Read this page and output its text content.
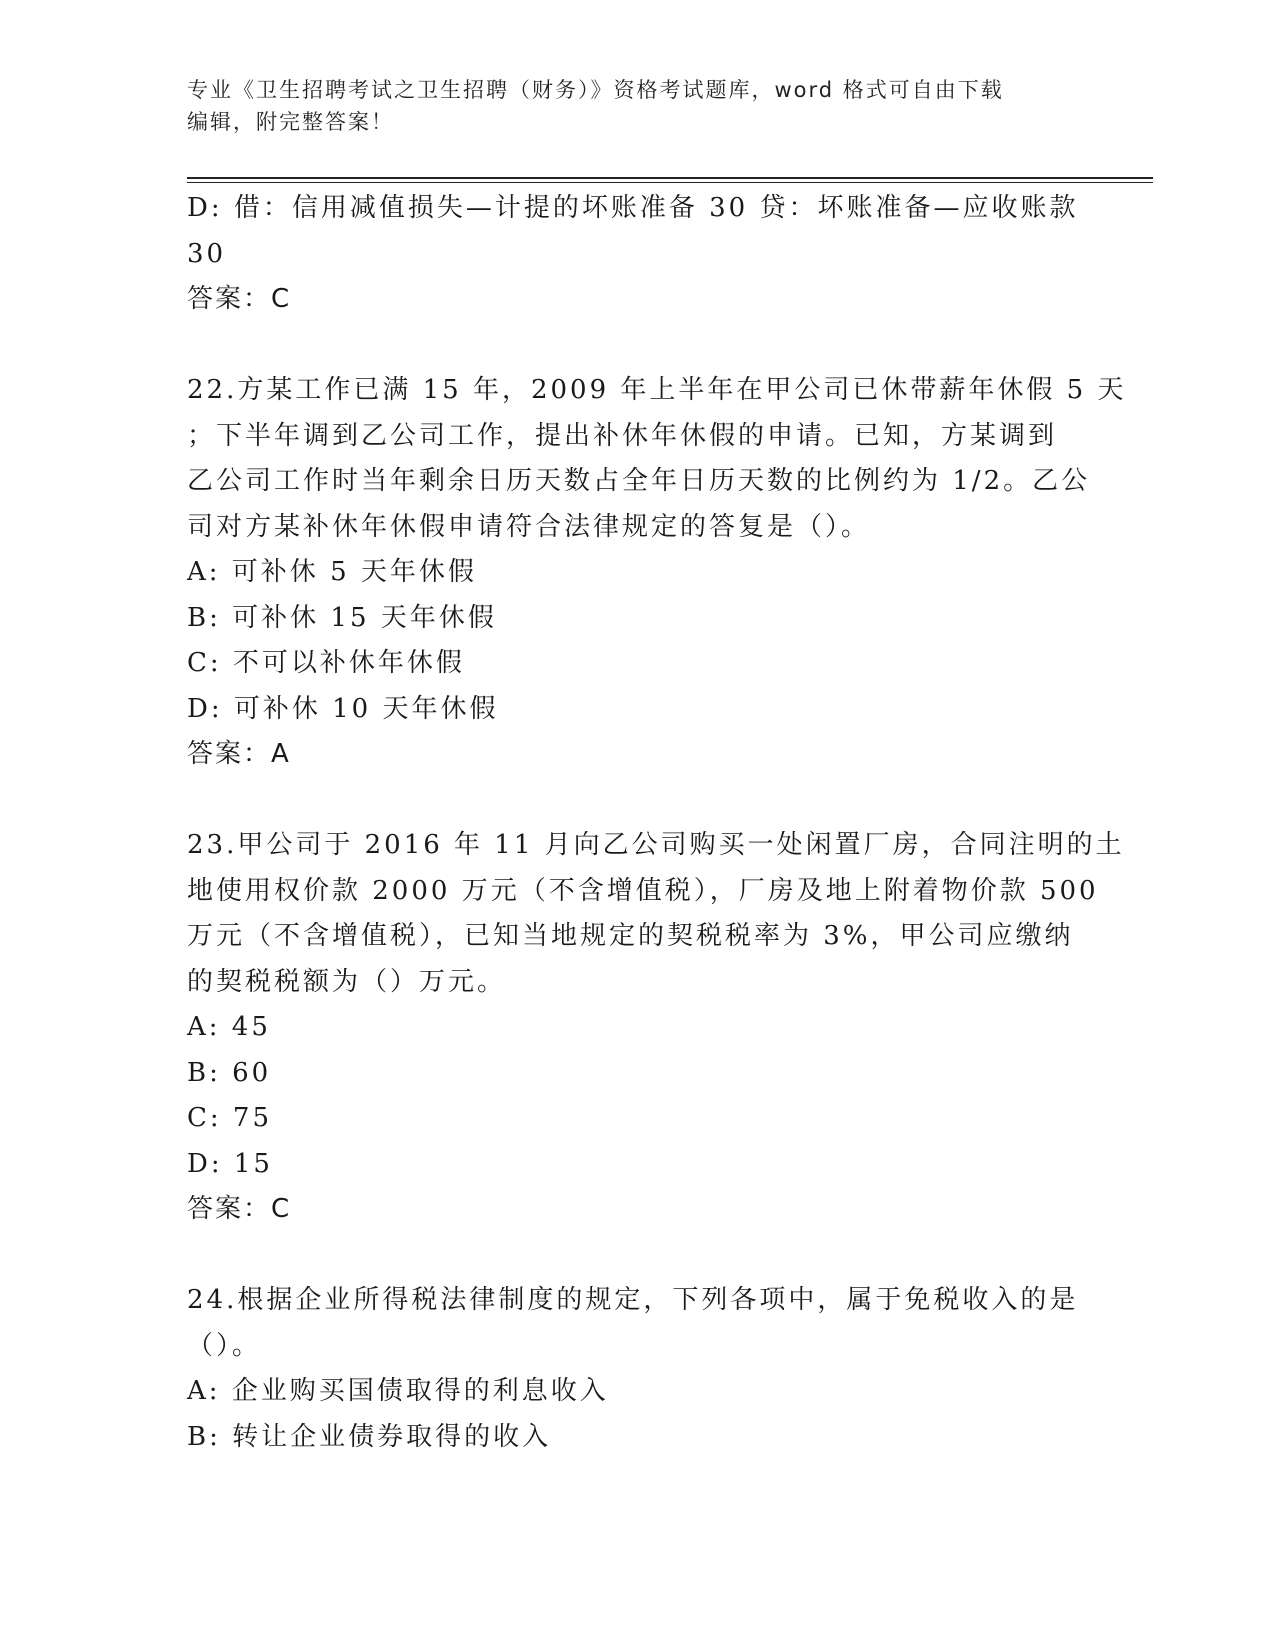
专业《卫生招聘考试之卫生招聘（财务）》资格考试题库，word 格式可自由下载
编辑，附完整答案！
D: 借：信用减值损失—计提的坏账准备 30 贷：坏账准备—应收账款
30
答案：C
22.方某工作已满 15 年，2009 年上半年在甲公司已休带薪年休假 5 天
；下半年调到乙公司工作，提出补休年休假的申请。已知，方某调到
乙公司工作时当年剩余日历天数占全年日历天数的比例约为 1/2。乙公
司对方某补休年休假申请符合法律规定的答复是（）。
A: 可补休 5 天年休假
B: 可补休 15 天年休假
C: 不可以补休年休假
D: 可补休 10 天年休假
答案：A
23.甲公司于 2016 年 11 月向乙公司购买一处闲置厂房，合同注明的土
地使用权价款 2000 万元（不含增值税），厂房及地上附着物价款 500
万元（不含增值税），已知当地规定的契税税率为 3%，甲公司应缴纳
的契税税额为（）万元。
A: 45
B: 60
C: 75
D: 15
答案：C
24.根据企业所得税法律制度的规定，下列各项中，属于免税收入的是
（）。
A: 企业购买国债取得的利息收入
B: 转让企业债券取得的收入
